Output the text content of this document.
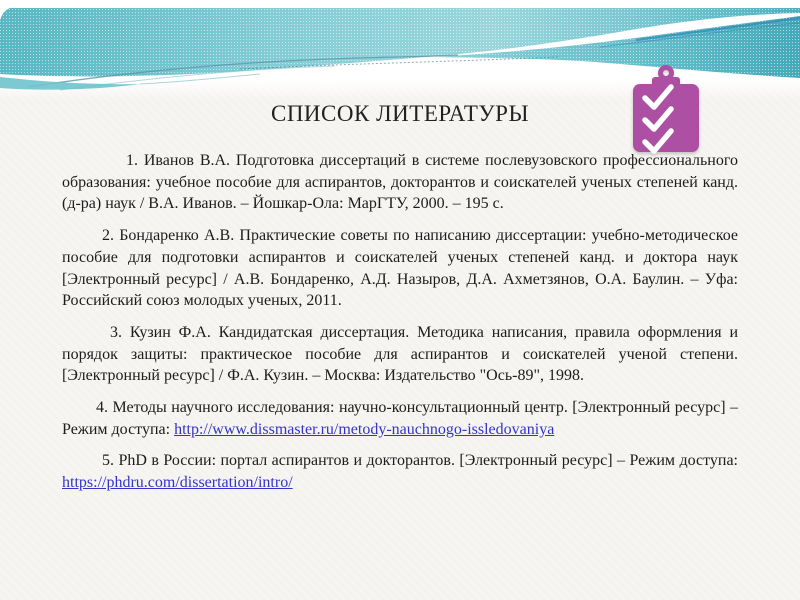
СПИСОК ЛИТЕРАТУРЫ

1. Иванов В.А. Подготовка диссертаций в системе послевузовского профессионального образования: учебное пособие для аспирантов, докторантов и соискателей ученых степеней канд. (д-ра) наук / В.А. Иванов. – Йошкар-Ола: МарГТУ, 2000. – 195 с.

2. Бондаренко А.В. Практические советы по написанию диссертации: учебно-методическое пособие для подготовки аспирантов и соискателей ученых степеней канд. и доктора наук [Электронный ресурс] / А.В. Бондаренко, А.Д. Назыров, Д.А. Ахметзянов, О.А. Баулин. – Уфа: Российский союз молодых ученых, 2011.

3. Кузин Ф.А. Кандидатская диссертация. Методика написания, правила оформления и порядок защиты: практическое пособие для аспирантов и соискателей ученой степени. [Электронный ресурс] / Ф.А. Кузин. – Москва: Издательство "Ось-89", 1998.

4. Методы научного исследования: научно-консультационный центр. [Электронный ресурс] – Режим доступа: http://www.dissmaster.ru/metody-nauchnogo-issledovaniya

5. PhD в России: портал аспирантов и докторантов. [Электронный ресурс] – Режим доступа: https://phdru.com/dissertation/intro/
